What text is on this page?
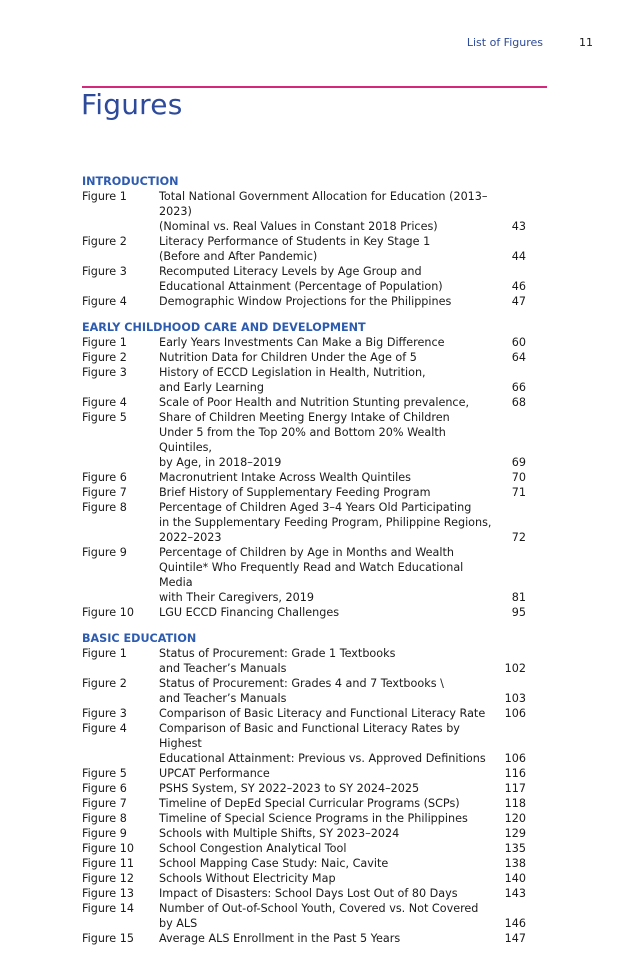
List of Figures	11
Figures
INTRODUCTION
Figure 1	Total National Government Allocation for Education (2013–2023)
(Nominal vs. Real Values in Constant 2018 Prices)	43
Figure 2	Literacy Performance of Students in Key Stage 1
(Before and After Pandemic)	44
Figure 3	Recomputed Literacy Levels by Age Group and
Educational Attainment (Percentage of Population)	46
Figure 4	Demographic Window Projections for the Philippines	47
EARLY CHILDHOOD CARE AND DEVELOPMENT
Figure 1	Early Years Investments Can Make a Big Difference	60
Figure 2	Nutrition Data for Children Under the Age of 5	64
Figure 3	History of ECCD Legislation in Health, Nutrition,
and Early Learning	66
Figure 4	Scale of Poor Health and Nutrition Stunting prevalence,	68
Figure 5	Share of Children Meeting Energy Intake of Children
Under 5 from the Top 20% and Bottom 20% Wealth Quintiles,
by Age, in 2018–2019	69
Figure 6	Macronutrient Intake Across Wealth Quintiles	70
Figure 7	Brief History of Supplementary Feeding Program	71
Figure 8	Percentage of Children Aged 3–4 Years Old Participating
in the Supplementary Feeding Program, Philippine Regions,
2022–2023	72
Figure 9	Percentage of Children by Age in Months and Wealth
Quintile* Who Frequently Read and Watch Educational Media
with Their Caregivers, 2019	81
Figure 10	LGU ECCD Financing Challenges	95
BASIC EDUCATION
Figure 1	Status of Procurement: Grade 1 Textbooks
and Teacher’s Manuals	102
Figure 2	Status of Procurement: Grades 4 and 7 Textbooks \
and Teacher’s Manuals	103
Figure 3	Comparison of Basic Literacy and Functional Literacy Rate	106
Figure 4	Comparison of Basic and Functional Literacy Rates by Highest
Educational Attainment: Previous vs. Approved Definitions	106
Figure 5	UPCAT Performance	116
Figure 6	PSHS System, SY 2022–2023 to SY 2024–2025	117
Figure 7	Timeline of DepEd Special Curricular Programs (SCPs)	118
Figure 8	Timeline of Special Science Programs in the Philippines	120
Figure 9	Schools with Multiple Shifts, SY 2023–2024	129
Figure 10	School Congestion Analytical Tool	135
Figure 11	School Mapping Case Study: Naic, Cavite	138
Figure 12	Schools Without Electricity Map	140
Figure 13	Impact of Disasters: School Days Lost Out of 80 Days	143
Figure 14	Number of Out-of-School Youth, Covered vs. Not Covered
by ALS	146
Figure 15	Average ALS Enrollment in the Past 5 Years	147
